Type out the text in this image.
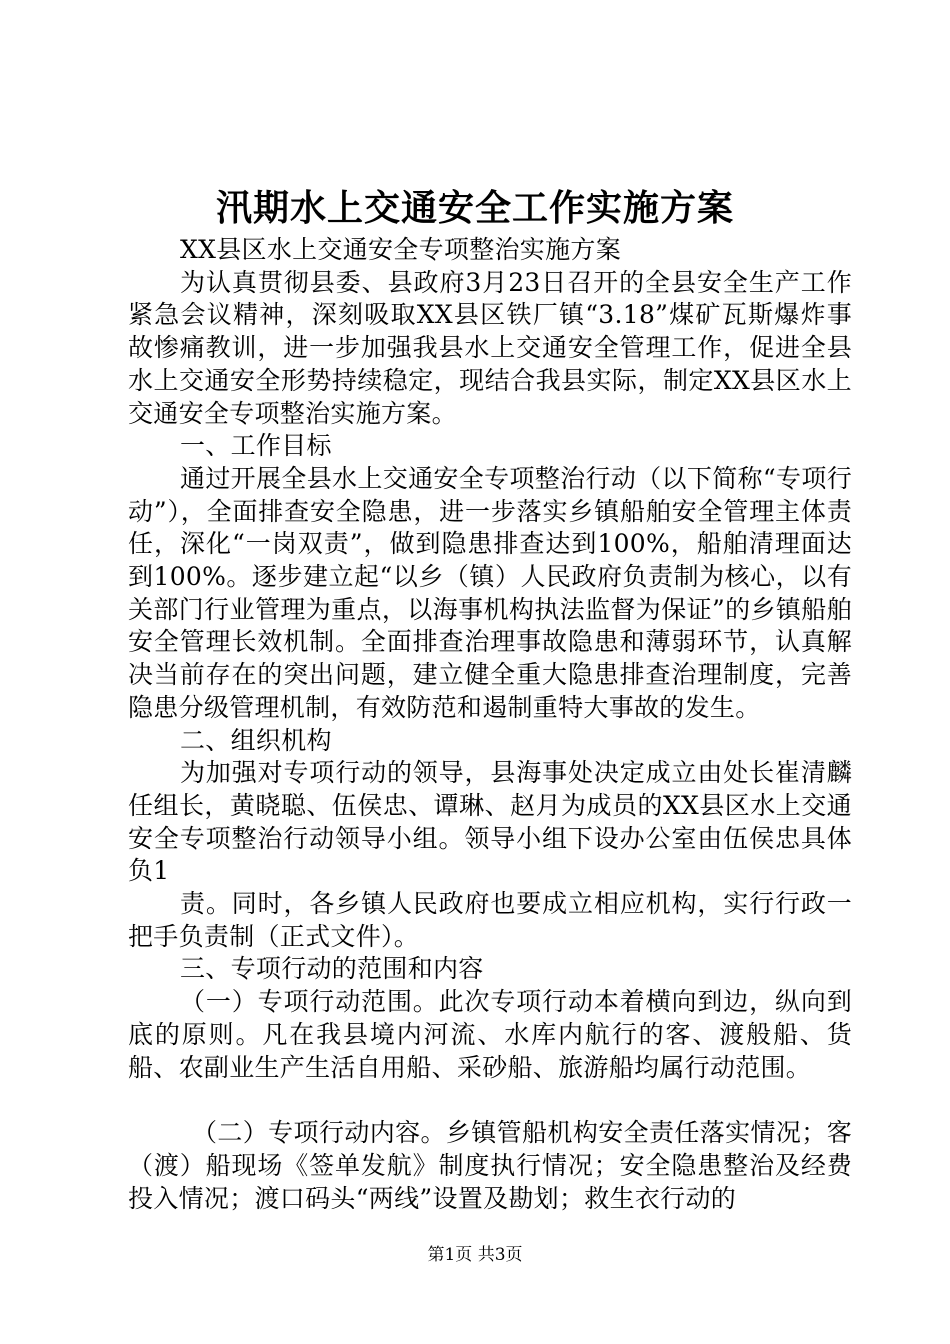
汛期水上交通安全工作实施方案

XX县区水上交通安全专项整治实施方案

为认真贯彻县委、县政府3月23日召开的全县安全生产工作紧急会议精神，深刻吸取XX县区铁厂镇“3.18”煤矿瓦斯爆炸事故惨痛教训，进一步加强我县水上交通安全管理工作，促进全县水上交通安全形势持续稳定，现结合我县实际，制定XX县区水上交通安全专项整治实施方案。

一、工作目标

通过开展全县水上交通安全专项整治行动（以下简称“专项行动”），全面排查安全隐患，进一步落实乡镇船舶安全管理主体责任，深化“一岗双责”，做到隐患排查达到100%，船舶清理面达到100%。逐步建立起“以乡（镇）人民政府负责制为核心，以有关部门行业管理为重点，以海事机构执法监督为保证”的乡镇船舶安全管理长效机制。全面排查治理事故隐患和薄弱环节，认真解决当前存在的突出问题，建立健全重大隐患排查治理制度，完善隐患分级管理机制，有效防范和遏制重特大事故的发生。

二、组织机构

为加强对专项行动的领导，县海事处决定成立由处长崔清麟任组长，黄晓聪、伍侯忠、谭琳、赵月为成员的XX县区水上交通安全专项整治行动领导小组。领导小组下设办公室由伍侯忠具体负1

责。同时，各乡镇人民政府也要成立相应机构，实行行政一把手负责制（正式文件）。

三、专项行动的范围和内容

（一）专项行动范围。此次专项行动本着横向到边，纵向到底的原则。凡在我县境内河流、水库内航行的客、渡般船、货船、农副业生产生活自用船、采砂船、旅游船均属行动范围。

（二）专项行动内容。乡镇管船机构安全责任落实情况；客（渡）船现场《签单发航》制度执行情况；安全隐患整治及经费投入情况；渡口码头“两线”设置及勘划；救生衣行动的

第1页 共3页
